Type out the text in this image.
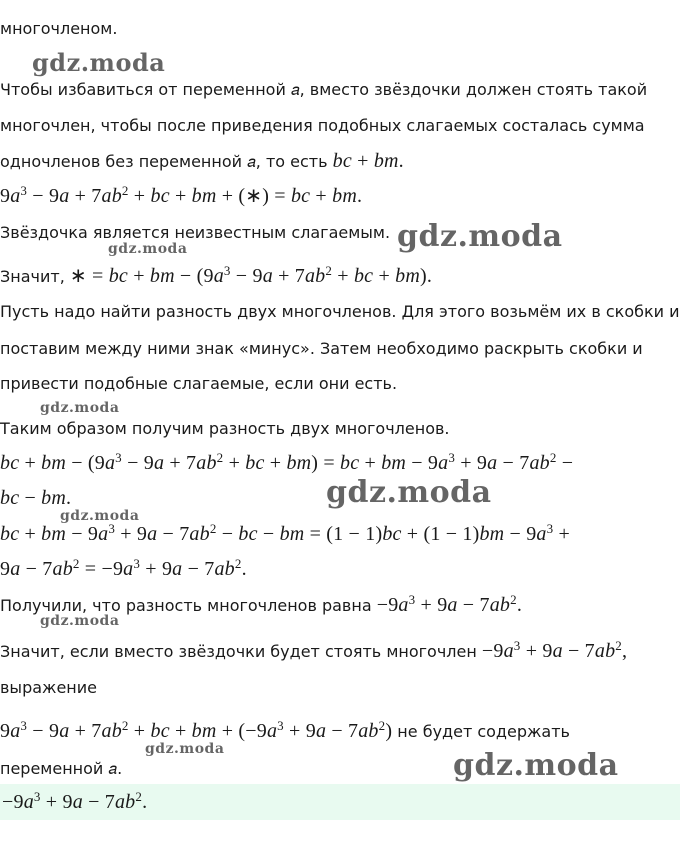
многочленом.
Чтобы избавиться от переменной 𝑎, вместо звёздочки должен стоять такой
многочлен, чтобы после приведения подобных слагаемых состалась сумма
одночленов без переменной 𝑎, то есть bc + bm.
$9a^3 - 9a + 7ab^2$ + bc + bm + (∗) = bc + bm.
Звёздочка является неизвестным слагаемым.
Значит, ∗ = bc + bm − ($9a^3 - 9a + 7ab^2$ + bc + bm).
Пусть надо найти разность двух многочленов. Для этого возьмём их в скобки и
поставим между ними знак «минус». Затем необходимо раскрыть скобки и
привести подобные слагаемые, если они есть.
Таким образом получим разность двух многочленов.
bc + bm − ($9a^3 - 9a + 7ab^2$ + bc + bm) = bc + bm − $9a^3 + 9a - 7ab^2$ −
bc − bm.
bc + bm − $9a^3 + 9a - 7ab^2$ − bc − bm = $(1 - 1)bc + (1 - 1)bm - 9a^3$ +
$9a - 7ab^2 = -9a^3 + 9a - 7ab^2$.
Получили, что разность многочленов равна $-9a^3 + 9a - 7ab^2$.
Значит, если вместо звёздочки будет стоять многочлен $-9a^3 + 9a - 7ab^2$,
выражение
$9a^3 - 9a + 7ab^2$ + bc + bm + $(-9a^3 + 9a - 7ab^2)$ не будет содержать
переменной 𝑎.
$-9a^3 + 9a - 7ab^2$.
gdz.moda
gdz.moda
gdz.moda
gdz.moda
gdz.moda
gdz.moda
gdz.moda
gdz.moda	gdz.moda
